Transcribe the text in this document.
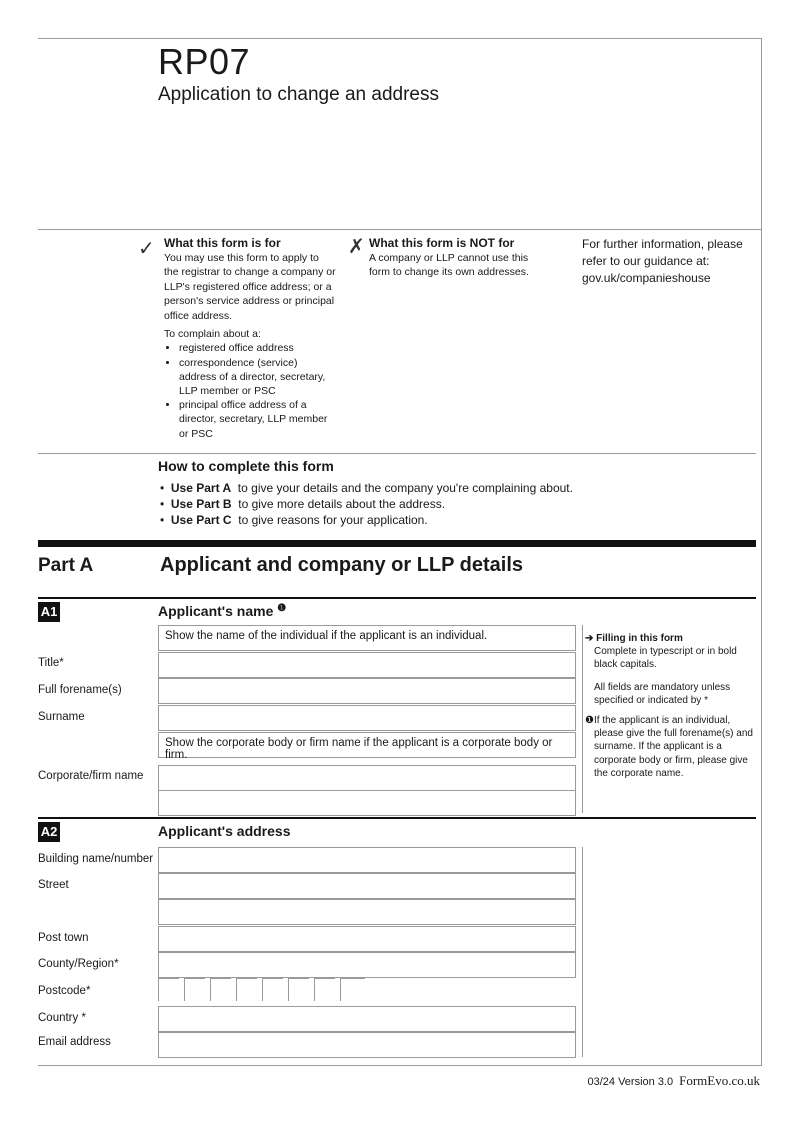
RP07
Application to change an address
✓ What this form is for
You may use this form to apply to the registrar to change a company or LLP's registered office address; or a person's service address or principal office address.
To complain about a:
• registered office address
• correspondence (service) address of a director, secretary, LLP member or PSC
• principal office address of a director, secretary, LLP member or PSC
✗ What this form is NOT for
A company or LLP cannot use this form to change its own addresses.
For further information, please refer to our guidance at: gov.uk/companieshouse
How to complete this form
•  Use Part A to give your details and the company you're complaining about.
•  Use Part B to give more details about the address.
•  Use Part C to give reasons for your application.
Part A	Applicant and company or LLP details
A1	Applicant's name $^❶$
Show the name of the individual if the applicant is an individual.
Title*
Full forename(s)
Surname
Show the corporate body or firm name if the applicant is a corporate body or firm.
Corporate/firm name
➔ Filling in this form
Complete in typescript or in bold black capitals.
All fields are mandatory unless specified or indicated by *
❶ If the applicant is an individual, please give the full forename(s) and surname. If the applicant is a corporate body or firm, please give the corporate name.
A2	Applicant's address
Building name/number
Street
Post town
County/Region*
Postcode*
Country *
Email address
03/24 Version 3.0 FormEvo.co.uk
